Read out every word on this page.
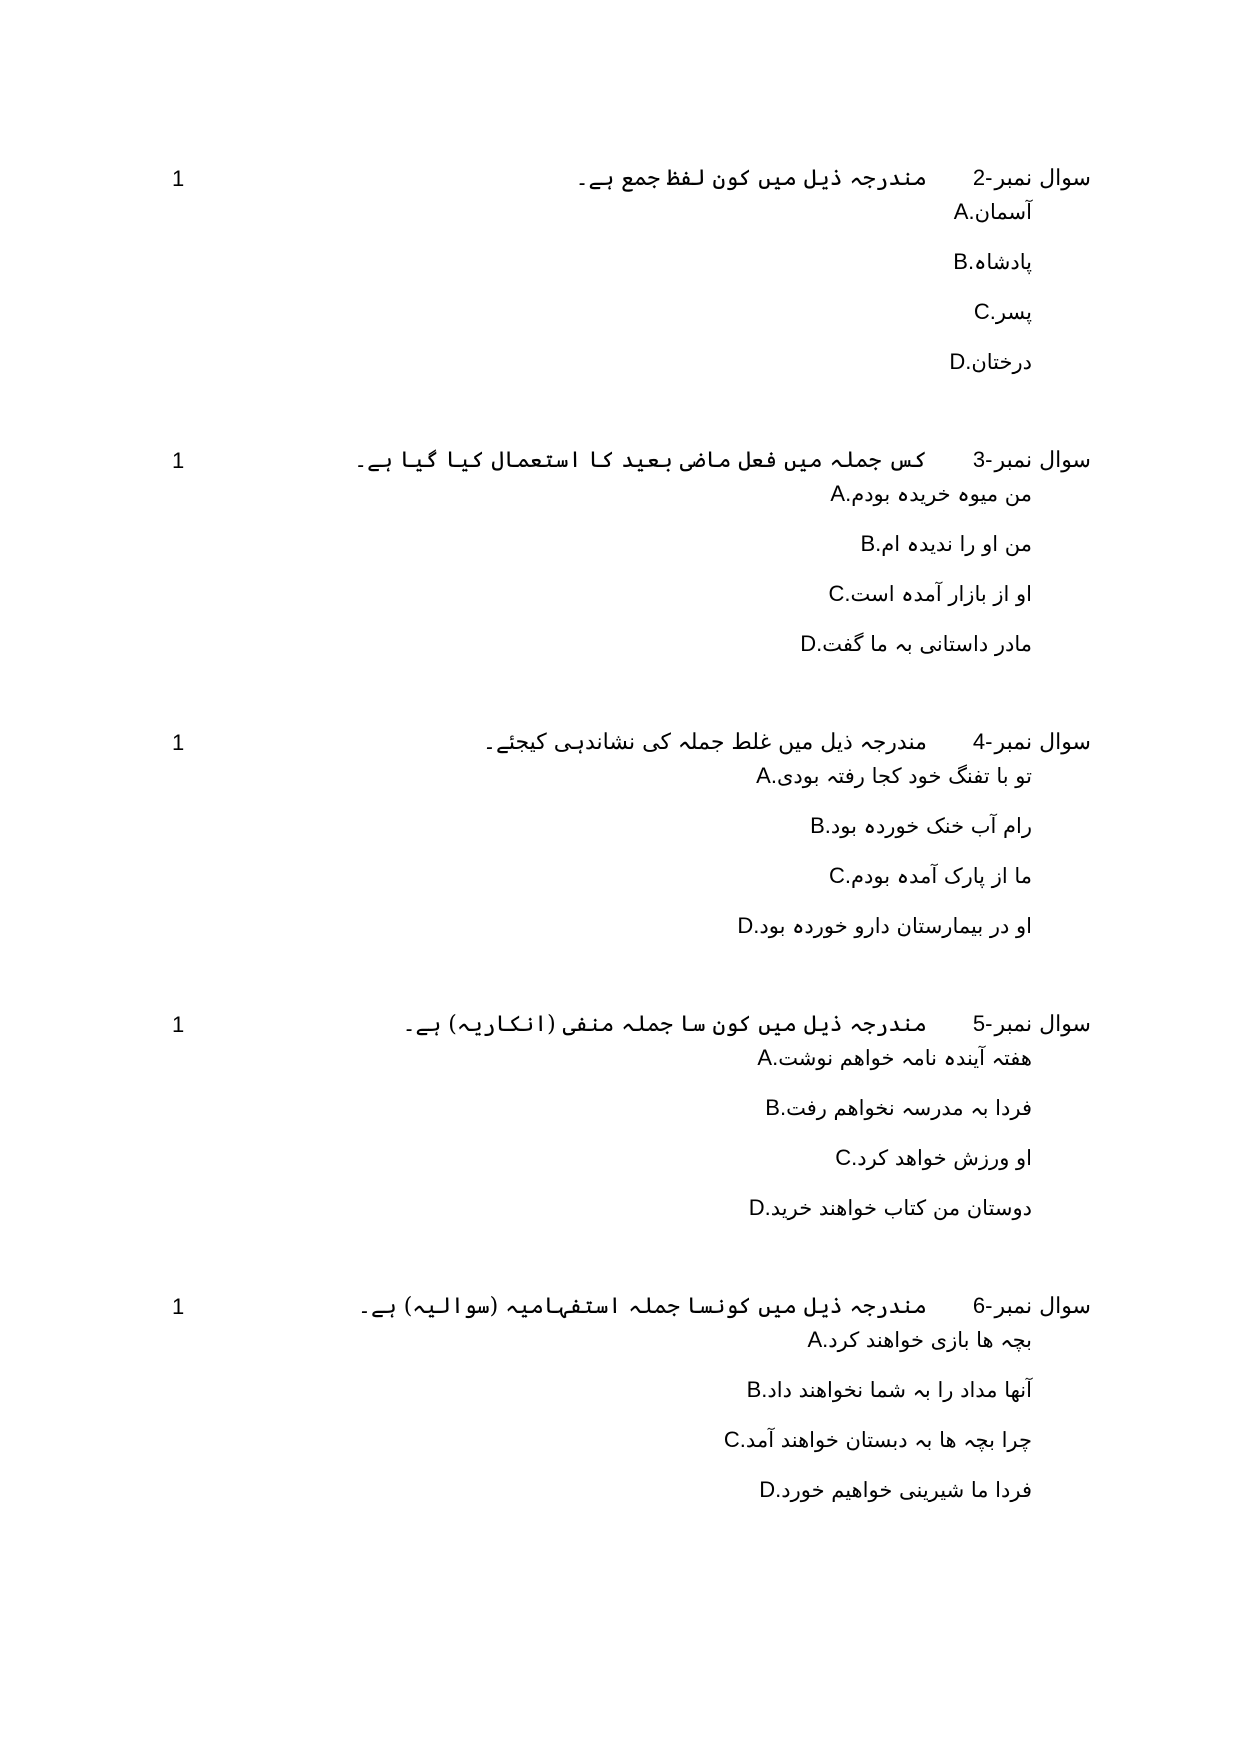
1	سوال نمبر-2مندرجہ ذیل میں کون لفظ جمع ہے۔
A. آسمان
B. پادشاہ
C. پسر
D. درختان
1	سوال نمبر-3کس جملہ میں فعل ماضی بعید کا استعمال کیا گیا ہے۔
A. من میوہ خریدہ بودم
B. من او را ندیدہ ام
C. او از بازار آمدہ است
D. مادر داستانی بہ ما گفت
1	سوال نمبر-4مندرجہ ذیل میں غلط جملہ کی نشاندہی کیجئے۔
A. تو با تفنگ خود کجا رفتہ بودی
B. رام آب خنک خوردہ بود
C. ما از پارک آمدہ بودم
D. او در بیمارستان دارو خوردہ بود
1	سوال نمبر-5مندرجہ ذیل میں کون سا جملہ منفی (انکاریہ) ہے۔
A. ھفتہ آیندہ نامہ خواھم نوشت
B. فردا بہ مدرسہ نخواھم رفت
C. او ورزش خواھد کرد
D. دوستان من کتاب خواھند خرید
1	سوال نمبر-6مندرجہ ذیل میں کونسا جملہ استفہامیہ (سوالیہ) ہے۔
A. بچہ ھا بازی خواھند کرد
B. آنھا مداد را بہ شما نخواھند داد
C. چرا بچہ ھا بہ دبستان خواھند آمد
D. فردا ما شیرینی خواھیم خورد
